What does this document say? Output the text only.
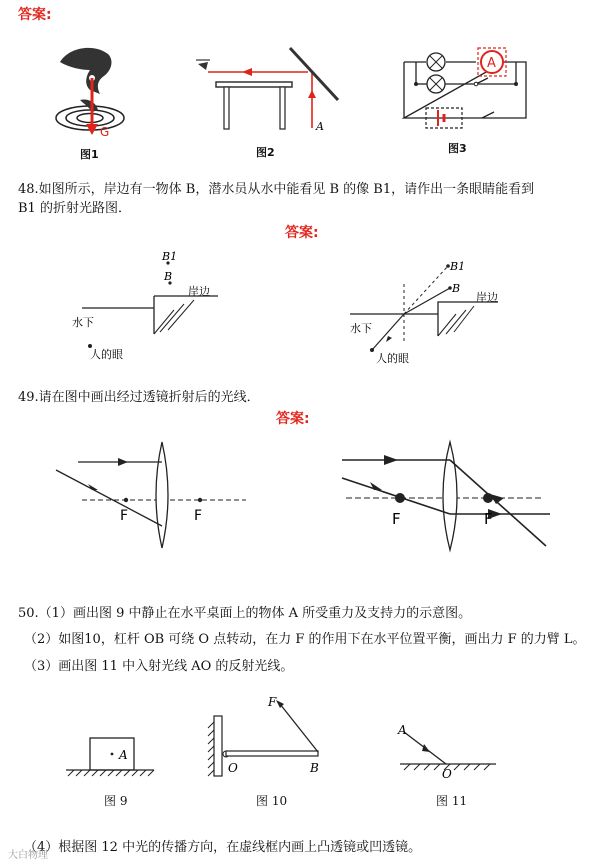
答案:
O
G
图1
A
图2
A
图3
48.如图所示，岸边有一物体 B，潜水员从水中能看见 B 的像 B1，请作出一条眼睛能看到
B1 的折射光路图．
答案:
B1
B
岸边
水下
人的眼
B1
B
岸边
水下
人的眼
49.请在图中画出经过透镜折射后的光线．
答案:
F	F	F	F
50.（1）画出图 9 中静止在水平桌面上的物体 A 所受重力及支持力的示意图。
（2）如图10，杠杆 OB 可绕 O 点转动，在力 F 的作用下在水平位置平衡，画出力 F 的力臂 L。
（3）画出图 11 中入射光线 AO 的反射光线。
A
图 9
F
O	B
图 10
A
O
图 11
（4）根据图 12 中光的传播方向，在虚线框内画上凸透镜或凹透镜。
大白物理
